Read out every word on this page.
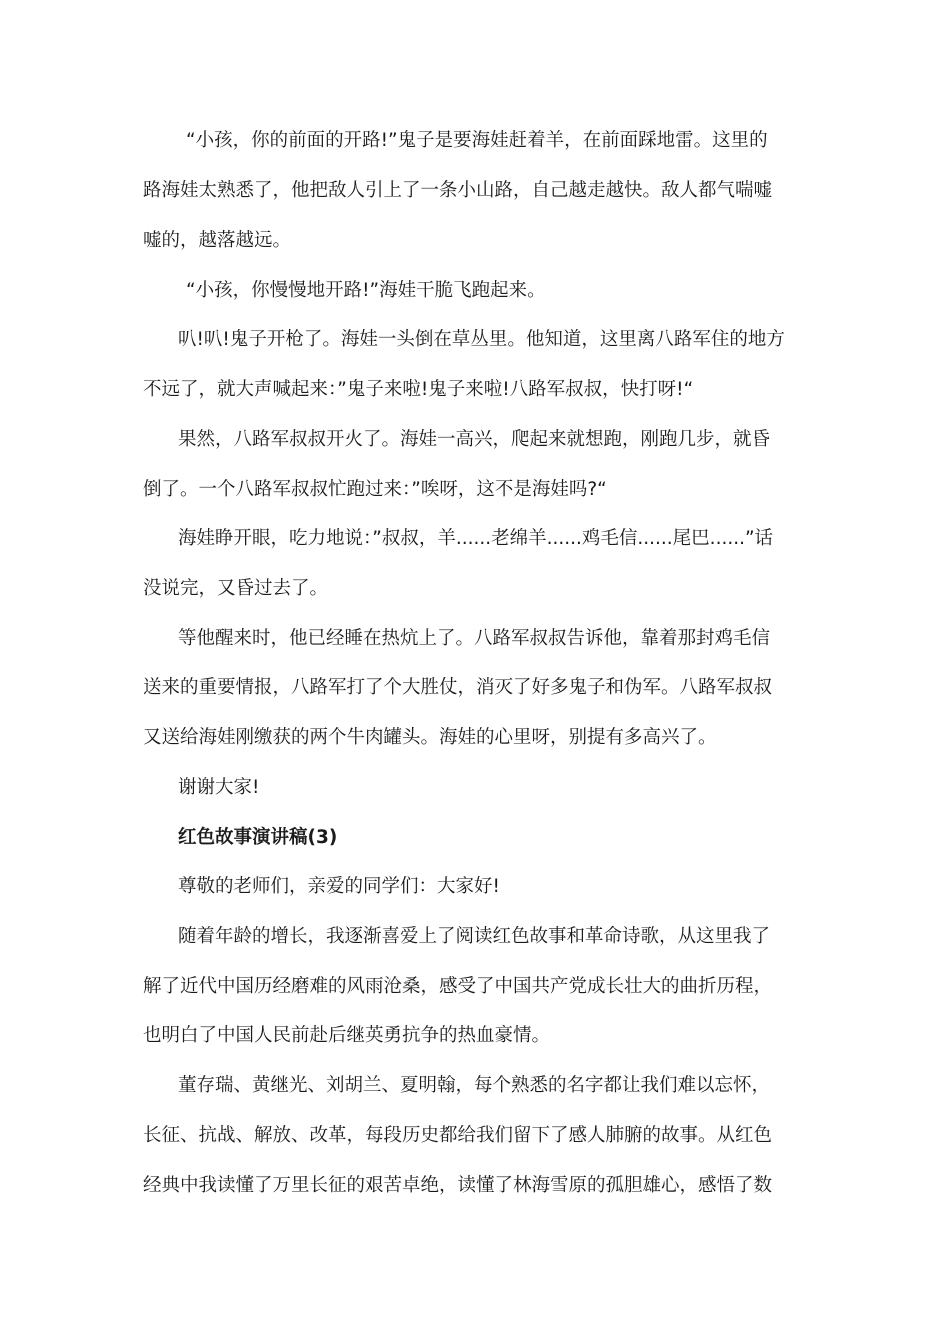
“小孩，你的前面的开路!”鬼子是要海娃赶着羊，在前面踩地雷。这里的
路海娃太熟悉了，他把敌人引上了一条小山路，自己越走越快。敌人都气喘嘘
嘘的，越落越远。
“小孩，你慢慢地开路!”海娃干脆飞跑起来。
叭!叭!鬼子开枪了。海娃一头倒在草丛里。他知道，这里离八路军住的地方
不远了，就大声喊起来：”鬼子来啦!鬼子来啦!八路军叔叔，快打呀!“
果然，八路军叔叔开火了。海娃一高兴，爬起来就想跑，刚跑几步，就昏
倒了。一个八路军叔叔忙跑过来：”唉呀，这不是海娃吗?“
海娃睁开眼，吃力地说：”叔叔，羊......老绵羊......鸡毛信......尾巴......”话
没说完，又昏过去了。
等他醒来时，他已经睡在热炕上了。八路军叔叔告诉他，靠着那封鸡毛信
送来的重要情报，八路军打了个大胜仗，消灭了好多鬼子和伪军。八路军叔叔
又送给海娃刚缴获的两个牛肉罐头。海娃的心里呀，别提有多高兴了。
谢谢大家!
红色故事演讲稿(3)
尊敬的老师们，亲爱的同学们：大家好!
随着年龄的增长，我逐渐喜爱上了阅读红色故事和革命诗歌，从这里我了
解了近代中国历经磨难的风雨沧桑，感受了中国共产党成长壮大的曲折历程，
也明白了中国人民前赴后继英勇抗争的热血豪情。
董存瑞、黄继光、刘胡兰、夏明翰，每个熟悉的名字都让我们难以忘怀，
长征、抗战、解放、改革，每段历史都给我们留下了感人肺腑的故事。从红色
经典中我读懂了万里长征的艰苦卓绝，读懂了林海雪原的孤胆雄心，感悟了数
